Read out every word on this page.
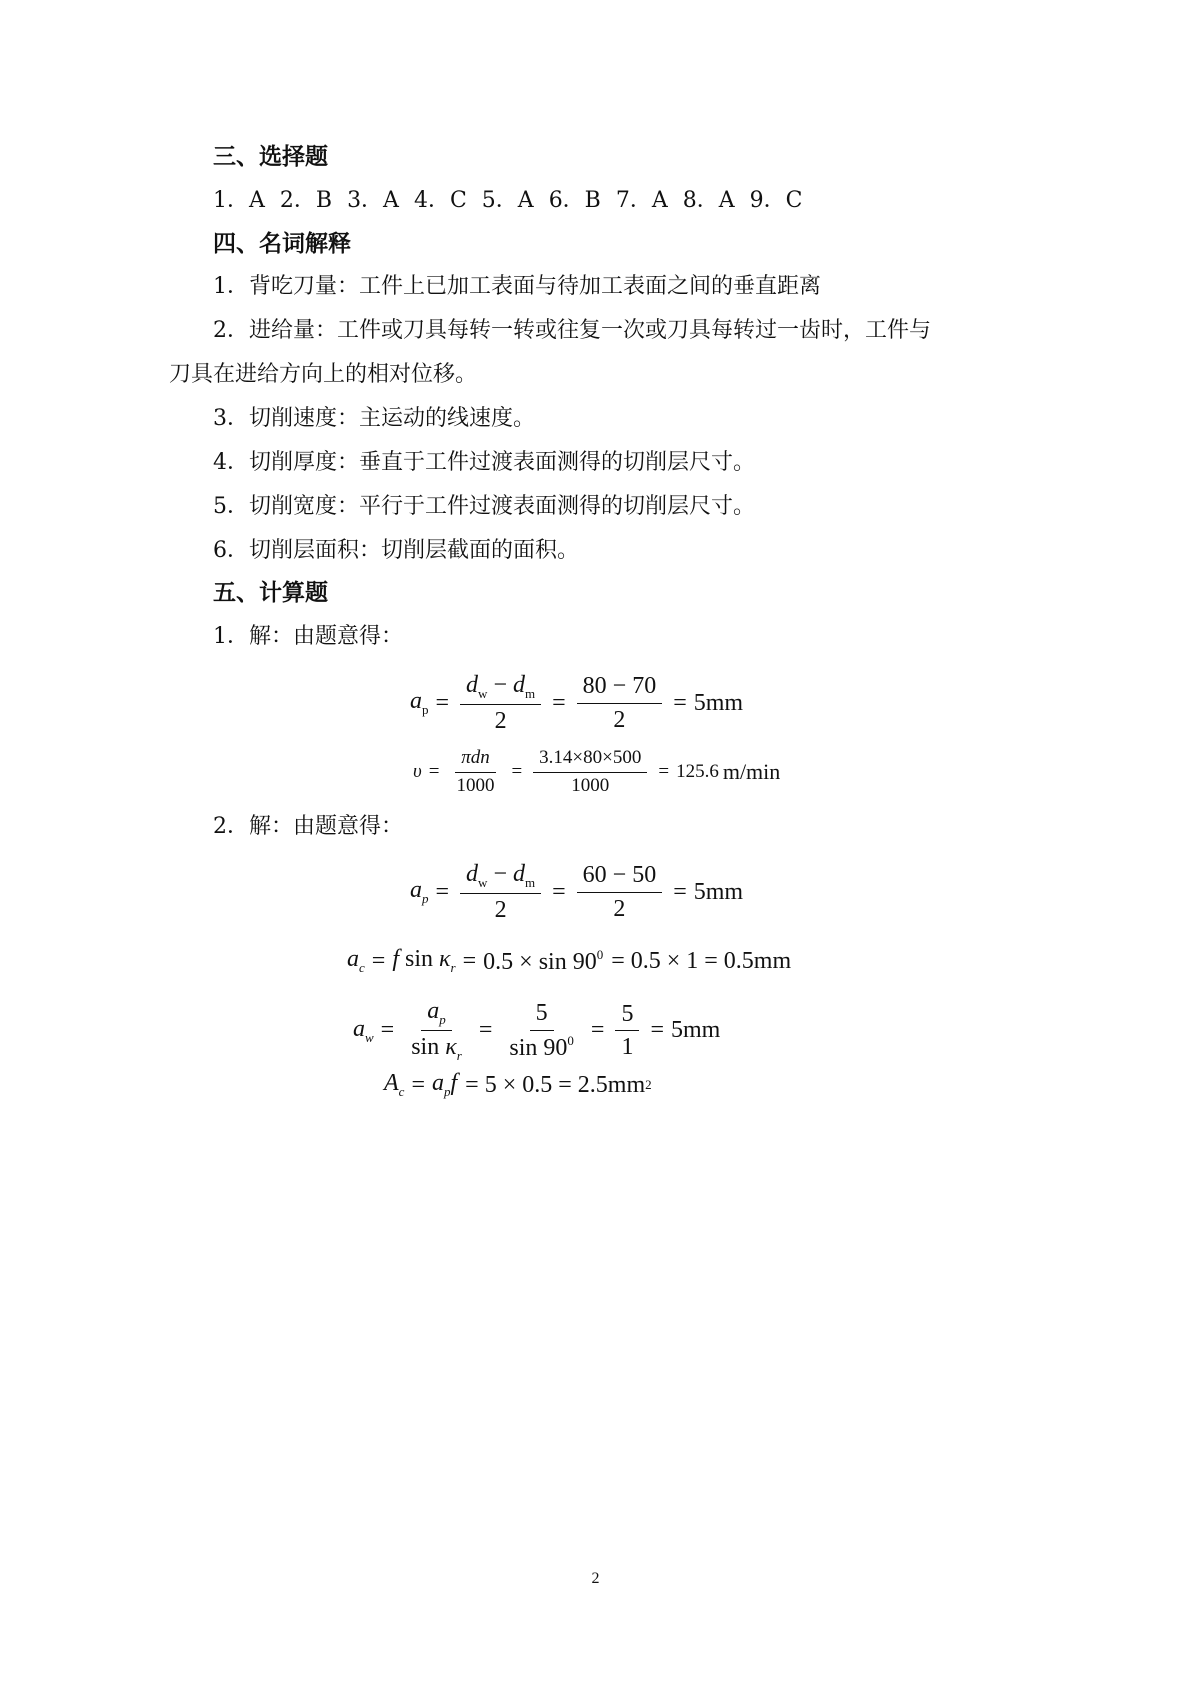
三、选择题
1．A 2．B 3．A 4．C 5．A 6．B 7．A 8．A 9．C
四、名词解释
1．背吃刀量：工件上已加工表面与待加工表面之间的垂直距离
2．进给量：工件或刀具每转一转或往复一次或刀具每转过一齿时，工件与
刀具在进给方向上的相对位移。
3．切削速度：主运动的线速度。
4．切削厚度：垂直于工件过渡表面测得的切削层尺寸。
5．切削宽度：平行于工件过渡表面测得的切削层尺寸。
6．切削层面积：切削层截面的面积。
五、计算题
1．解：由题意得：
$a_p = \frac{d_w - d_m}{2} = \frac{80 - 70}{2} = 5mm$
$\upsilon = \frac{\text{πdn}}{1000} = \frac{3.14\times 80\times 500}{1000} = 125.6$ m/min
2．解：由题意得：
$a_p = \frac{d_w - d_m}{2} = \frac{60 - 50}{2} = 5mm$
$a_c = f$ $\sin \kappa_r = 0.5 \times \sin 90^0 = 0.5 \times 1 = 0.5mm$
$a_w = \frac{a_p}{\sin \kappa_r} = \frac{5}{\sin 90^0} = \frac{5}{1} = 5mm$
$A_c = a_pf = 5 \times 0.5 = 2.5mm$ 2
2
